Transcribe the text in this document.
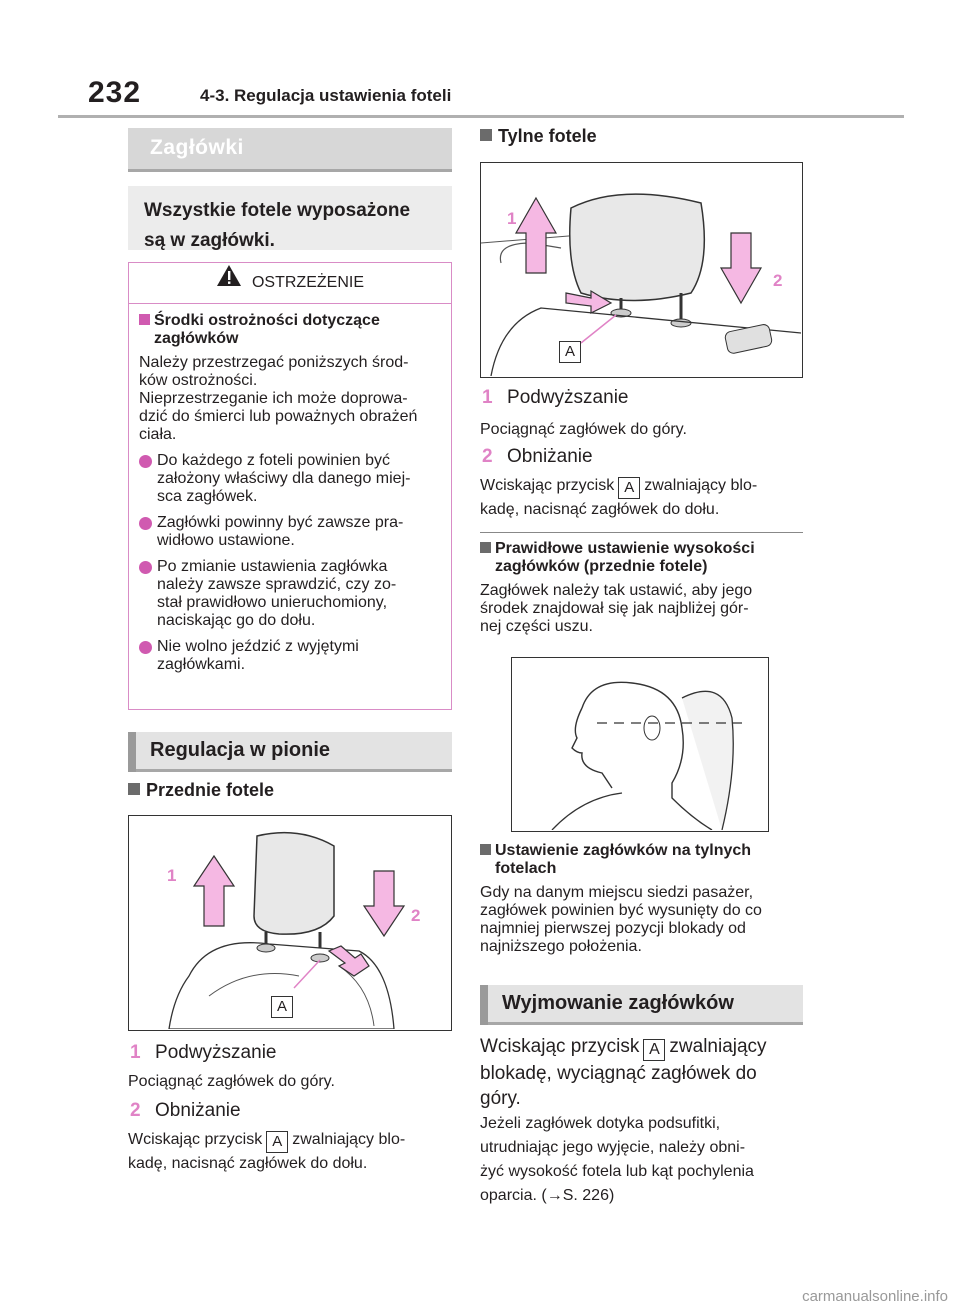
232	4-3. Regulacja ustawienia foteli
Zagłówki
Wszystkie fotele wyposażone
są w zagłówki.
OSTRZEŻENIE
Środki ostrożności dotyczące
zagłówków
Należy przestrzegać poniższych środ-
ków ostrożności.
Nieprzestrzeganie ich może doprowa-
dzić do śmierci lub poważnych obrażeń
ciała.
Do każdego z foteli powinien być
założony właściwy dla danego miej-
sca zagłówek.
Zagłówki powinny być zawsze pra-
widłowo ustawione.
Po zmianie ustawienia zagłówka
należy zawsze sprawdzić, czy zo-
stał prawidłowo unieruchomiony,
naciskając go do dołu.
Nie wolno jeździć z wyjętymi
zagłówkami.
Regulacja w pionie
Przednie fotele
1
2
A
1 Podwyższanie
Pociągnąć zagłówek do góry.
2 Obniżanie
Wciskając przycisk A zwalniający blo-
kadę, nacisnąć zagłówek do dołu.
Tylne fotele
1
2
A
1 Podwyższanie
Pociągnąć zagłówek do góry.
2 Obniżanie
Wciskając przycisk A zwalniający blo-
kadę, nacisnąć zagłówek do dołu.
Prawidłowe ustawienie wysokości
zagłówków (przednie fotele)
Zagłówek należy tak ustawić, aby jego
środek znajdował się jak najbliżej gór-
nej części uszu.
Ustawienie zagłówków na tylnych
fotelach
Gdy na danym miejscu siedzi pasażer,
zagłówek powinien być wysunięty do co
najmniej pierwszej pozycji blokady od
najniższego położenia.
Wyjmowanie zagłówków
Wciskając przycisk A zwalniający
blokadę, wyciągnąć zagłówek do
góry.
Jeżeli zagłówek dotyka podsufitki,
utrudniając jego wyjęcie, należy obni-
żyć wysokość fotela lub kąt pochylenia
oparcia. (→S. 226)
carmanualsonline.info
